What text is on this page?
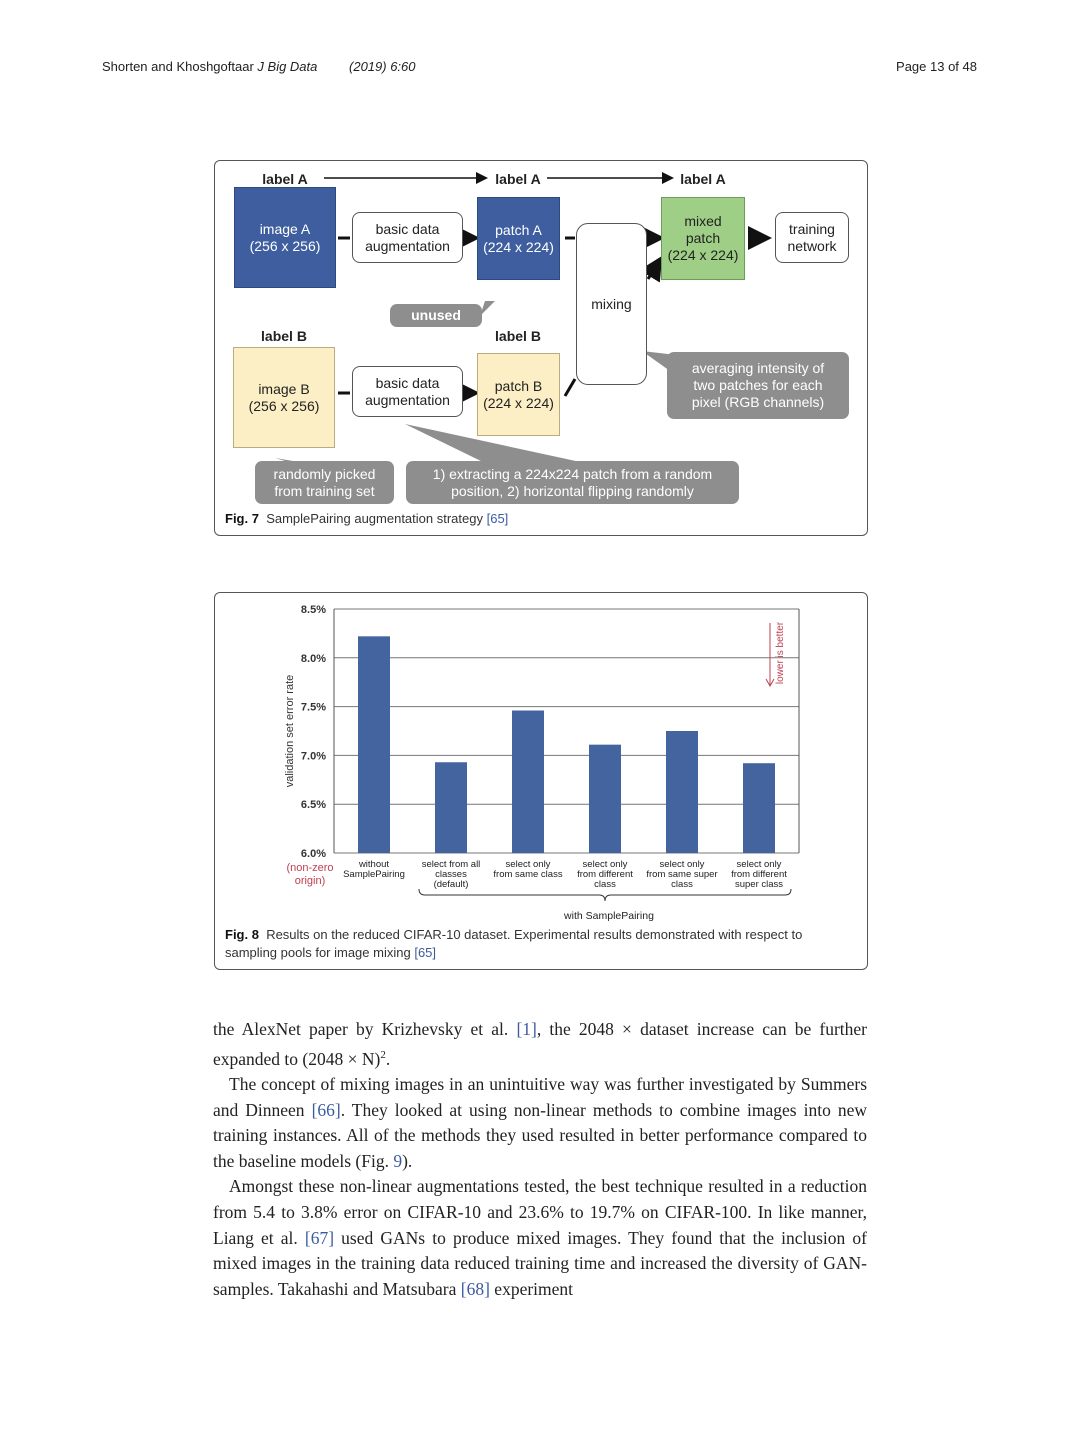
Shorten and Khoshgoftaar J Big Data (2019) 6:60	Page 13 of 48
label A	label A	label A
label B	label B
image A
(256 x 256)
basic data
augmentation
patch A
(224 x 224)
mixing
mixed
patch
(224 x 224)
training
network
unused
image B
(256 x 256)
basic data
augmentation
patch B
(224 x 224)
averaging intensity of
two patches for each
pixel (RGB channels)
randomly picked
from training set
1) extracting a 224x224 patch from a random
position, 2) horizontal flipping randomly
Fig. 7 SamplePairing augmentation strategy [65]
6.0%
6.5%
7.0%
7.5%
8.0%
8.5%
validation set error rate
(non-zero
origin)
without
SamplePairing
select from all
classes
(default)
select only
from same class
select only
from different
class
select only
from same super
class
select only
from different
super class
with SamplePairing
lower is better
Fig. 8 Results on the reduced CIFAR-10 dataset. Experimental results demonstrated with respect to sampling pools for image mixing [65]

the AlexNet paper by Krizhevsky et al. [1], the 2048 × dataset increase can be further expanded to $(2048 \times N)^2$.

The concept of mixing images in an unintuitive way was further investigated by Summers and Dinneen [66]. They looked at using non-linear methods to combine images into new training instances. All of the methods they used resulted in better performance compared to the baseline models (Fig. 9).

Amongst these non-linear augmentations tested, the best technique resulted in a reduction from 5.4 to 3.8% error on CIFAR-10 and 23.6% to 19.7% on CIFAR-100. In like manner, Liang et al. [67] used GANs to produce mixed images. They found that the inclusion of mixed images in the training data reduced training time and increased the diversity of GAN-samples. Takahashi and Matsubara [68] experiment
